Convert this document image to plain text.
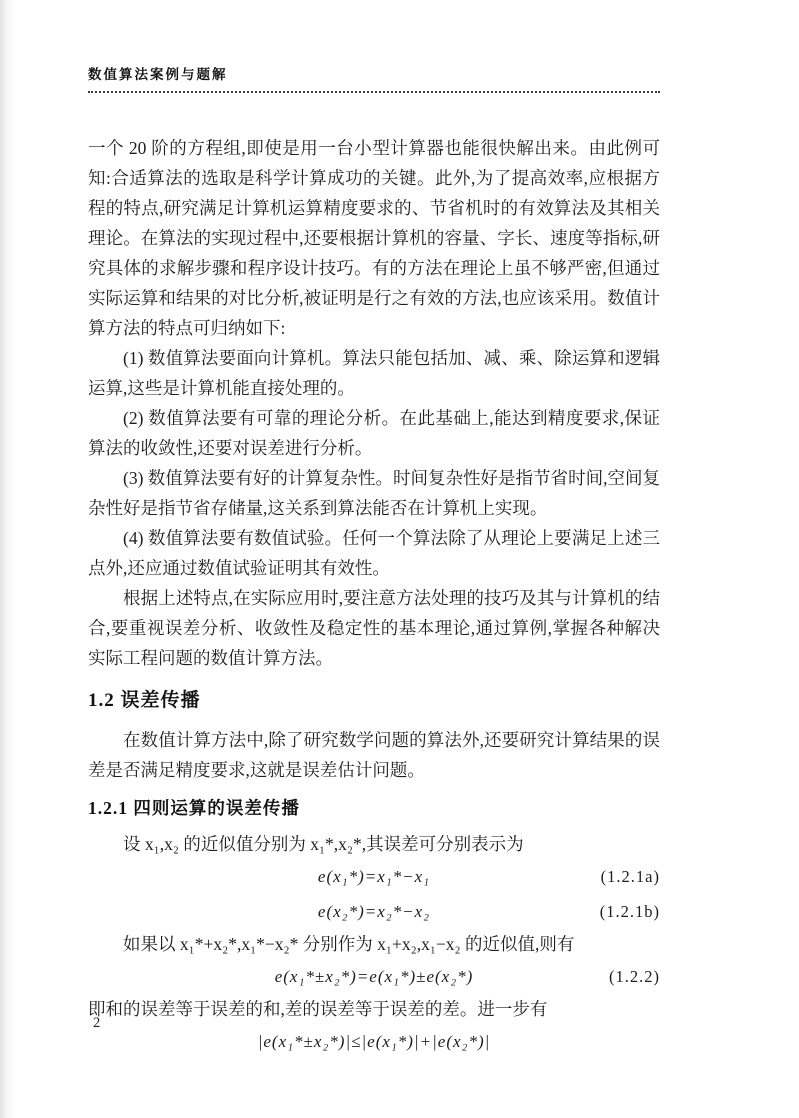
数值算法案例与题解

一个 20 阶的方程组,即使是用一台小型计算器也能很快解出来。由此例可知:合适算法的选取是科学计算成功的关键。此外,为了提高效率,应根据方程的特点,研究满足计算机运算精度要求的、节省机时的有效算法及其相关理论。在算法的实现过程中,还要根据计算机的容量、字长、速度等指标,研究具体的求解步骤和程序设计技巧。有的方法在理论上虽不够严密,但通过实际运算和结果的对比分析,被证明是行之有效的方法,也应该采用。数值计算方法的特点可归纳如下:

(1) 数值算法要面向计算机。算法只能包括加、减、乘、除运算和逻辑运算,这些是计算机能直接处理的。

(2) 数值算法要有可靠的理论分析。在此基础上,能达到精度要求,保证算法的收敛性,还要对误差进行分析。

(3) 数值算法要有好的计算复杂性。时间复杂性好是指节省时间,空间复杂性好是指节省存储量,这关系到算法能否在计算机上实现。

(4) 数值算法要有数值试验。任何一个算法除了从理论上要满足上述三点外,还应通过数值试验证明其有效性。

根据上述特点,在实际应用时,要注意方法处理的技巧及其与计算机的结合,要重视误差分析、收敛性及稳定性的基本理论,通过算例,掌握各种解决实际工程问题的数值计算方法。

1.2 误差传播

在数值计算方法中,除了研究数学问题的算法外,还要研究计算结果的误差是否满足精度要求,这就是误差估计问题。

1.2.1 四则运算的误差传播

设 x₁,x₂ 的近似值分别为 x₁*,x₂*,其误差可分别表示为

e(x₁*)=x₁*−x₁	(1.2.1a)
e(x₂*)=x₂*−x₂	(1.2.1b)

如果以 x₁*+x₂*,x₁*−x₂* 分别作为 x₁+x₂,x₁−x₂ 的近似值,则有

e(x₁*±x₂*)=e(x₁*)±e(x₂*)	(1.2.2)

即和的误差等于误差的和,差的误差等于误差的差。进一步有

|e(x₁*±x₂*)|≤|e(x₁*)|+|e(x₂*)|
2
